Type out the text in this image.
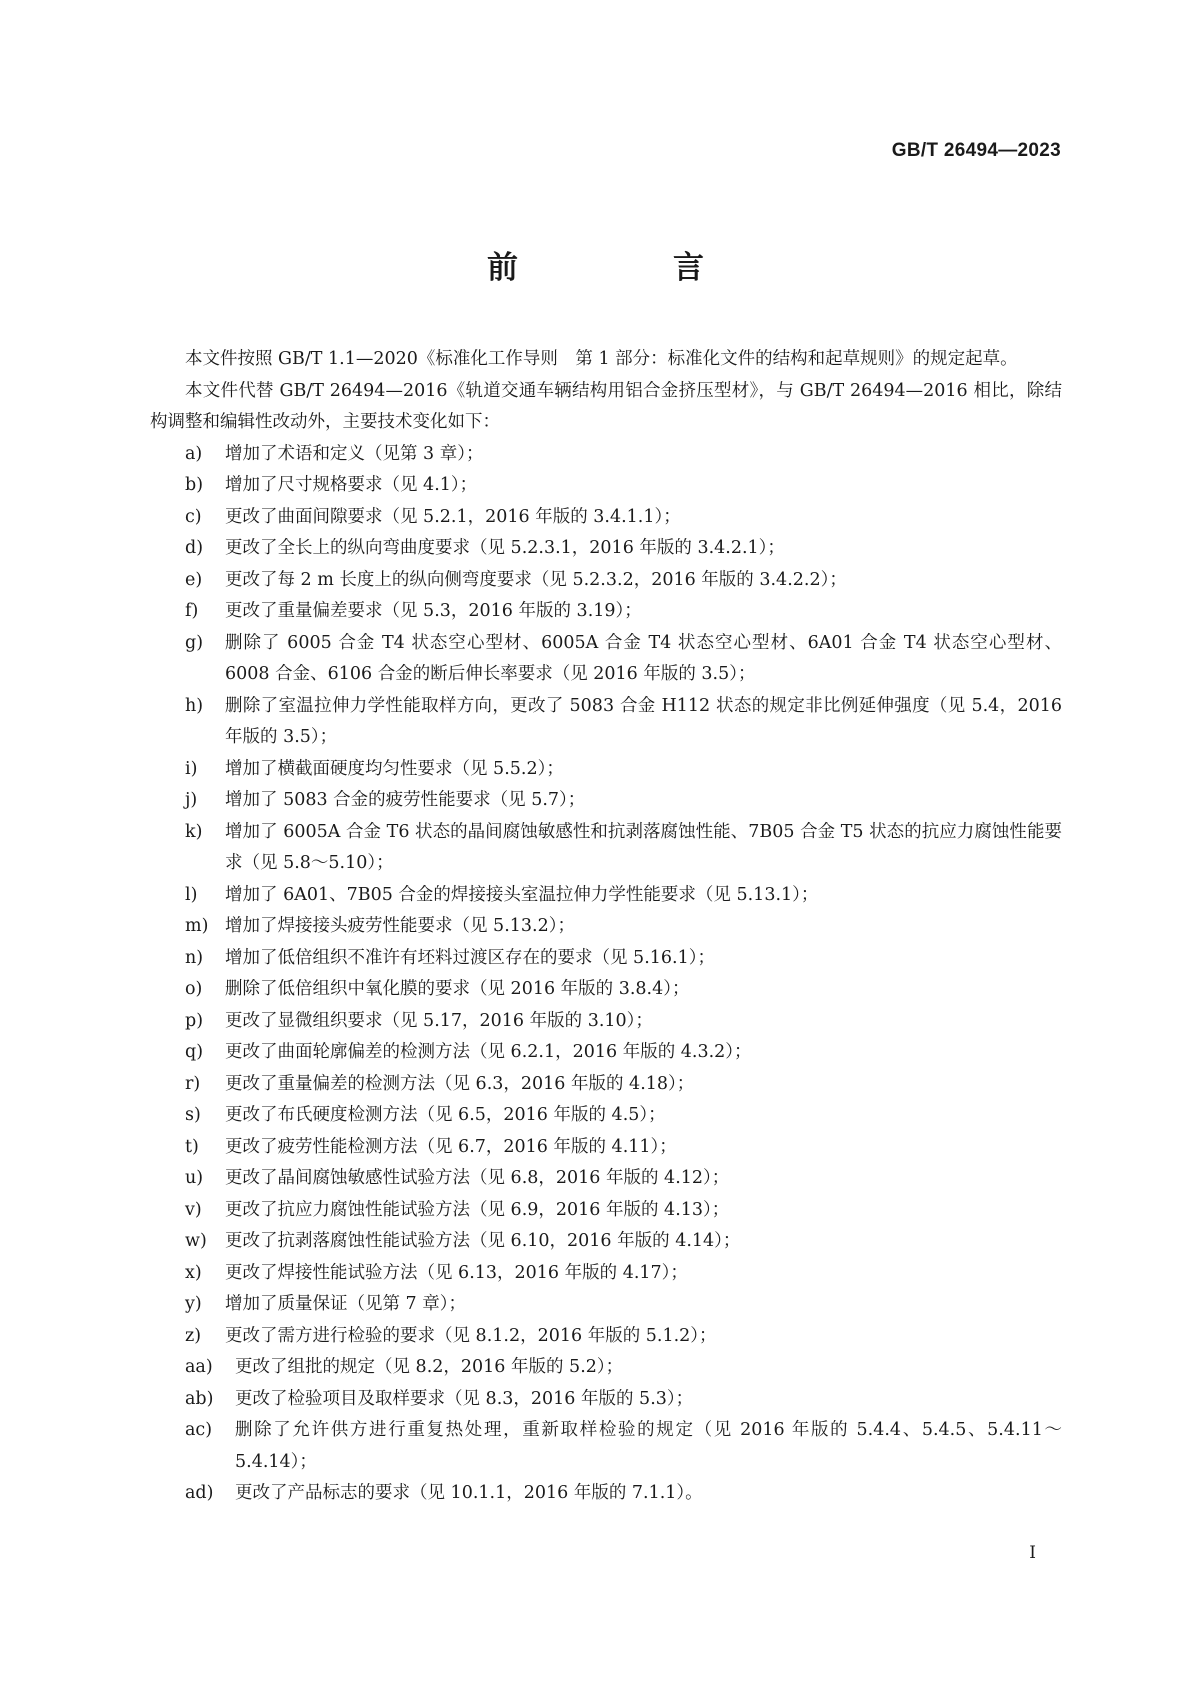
GB/T 26494—2023
前　言

本文件按照 GB/T 1.1—2020《标准化工作导则　第 1 部分：标准化文件的结构和起草规则》的规定起草。

本文件代替 GB/T 26494—2016《轨道交通车辆结构用铝合金挤压型材》，与 GB/T 26494—2016 相比，除结构调整和编辑性改动外，主要技术变化如下：

a)	增加了术语和定义（见第 3 章）；
b)	增加了尺寸规格要求（见 4.1）；
c)	更改了曲面间隙要求（见 5.2.1，2016 年版的 3.4.1.1）；
d)	更改了全长上的纵向弯曲度要求（见 5.2.3.1，2016 年版的 3.4.2.1）；
e)	更改了每 2 m 长度上的纵向侧弯度要求（见 5.2.3.2，2016 年版的 3.4.2.2）；
f)	更改了重量偏差要求（见 5.3，2016 年版的 3.19）；
g)	删除了 6005 合金 T4 状态空心型材、6005A 合金 T4 状态空心型材、6A01 合金 T4 状态空心型材、6008 合金、6106 合金的断后伸长率要求（见 2016 年版的 3.5）；
h)	删除了室温拉伸力学性能取样方向，更改了 5083 合金 H112 状态的规定非比例延伸强度（见 5.4，2016 年版的 3.5）；
i)	增加了横截面硬度均匀性要求（见 5.5.2）；
j)	增加了 5083 合金的疲劳性能要求（见 5.7）；
k)	增加了 6005A 合金 T6 状态的晶间腐蚀敏感性和抗剥落腐蚀性能、7B05 合金 T5 状态的抗应力腐蚀性能要求（见 5.8～5.10）；
l)	增加了 6A01、7B05 合金的焊接接头室温拉伸力学性能要求（见 5.13.1）；
m) 增加了焊接接头疲劳性能要求（见 5.13.2）；
n)	增加了低倍组织不准许有坯料过渡区存在的要求（见 5.16.1）；
o)	删除了低倍组织中氧化膜的要求（见 2016 年版的 3.8.4）；
p)	更改了显微组织要求（见 5.17，2016 年版的 3.10）；
q)	更改了曲面轮廓偏差的检测方法（见 6.2.1，2016 年版的 4.3.2）；
r)	更改了重量偏差的检测方法（见 6.3，2016 年版的 4.18）；
s)	更改了布氏硬度检测方法（见 6.5，2016 年版的 4.5）；
t)	更改了疲劳性能检测方法（见 6.7，2016 年版的 4.11）；
u)	更改了晶间腐蚀敏感性试验方法（见 6.8，2016 年版的 4.12）；
v)	更改了抗应力腐蚀性能试验方法（见 6.9，2016 年版的 4.13）；
w)	更改了抗剥落腐蚀性能试验方法（见 6.10，2016 年版的 4.14）；
x)	更改了焊接性能试验方法（见 6.13，2016 年版的 4.17）；
y)	增加了质量保证（见第 7 章）；
z)	更改了需方进行检验的要求（见 8.1.2，2016 年版的 5.1.2）；
aa)	更改了组批的规定（见 8.2，2016 年版的 5.2）；
ab)	更改了检验项目及取样要求（见 8.3，2016 年版的 5.3）；
ac)	删除了允许供方进行重复热处理，重新取样检验的规定（见 2016 年版的 5.4.4、5.4.5、5.4.11～5.4.14）；
ad)	更改了产品标志的要求（见 10.1.1，2016 年版的 7.1.1）。
Ⅰ
